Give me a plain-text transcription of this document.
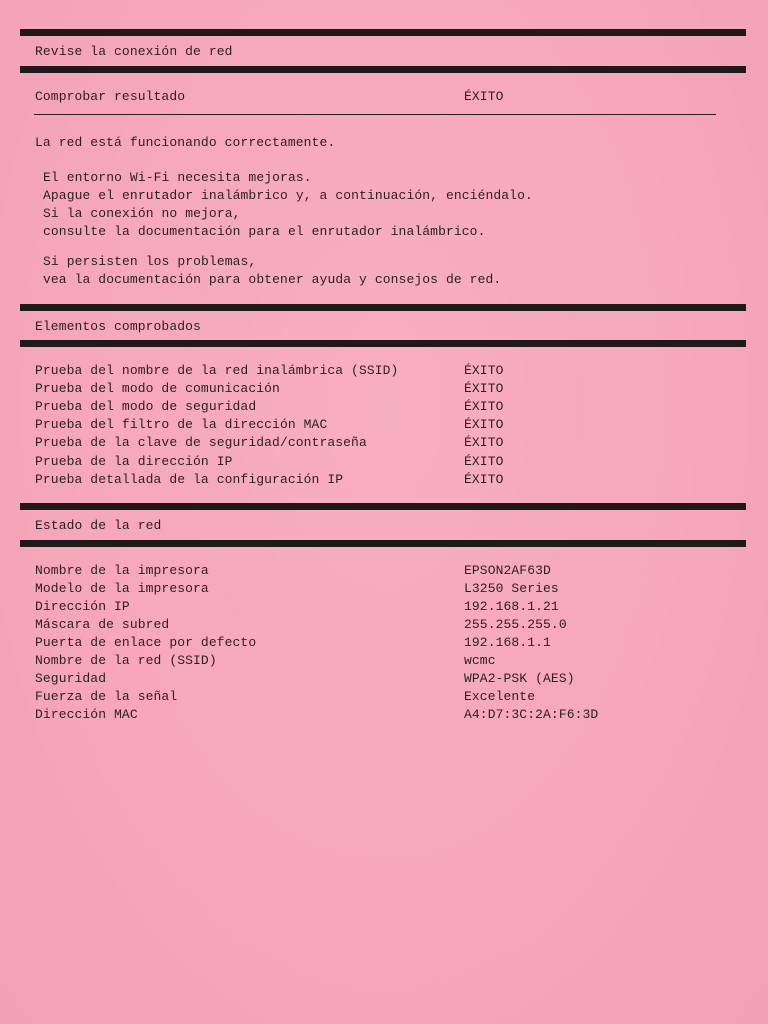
Revise la conexión de red
Comprobar resultado	ÉXITO
La red está funcionando correctamente.
El entorno Wi-Fi necesita mejoras.
Apague el enrutador inalámbrico y, a continuación, enciéndalo.
Si la conexión no mejora,
consulte la documentación para el enrutador inalámbrico.
Si persisten los problemas,
vea la documentación para obtener ayuda y consejos de red.
Elementos comprobados
Prueba del nombre de la red inalámbrica (SSID)	ÉXITO
Prueba del modo de comunicación	ÉXITO
Prueba del modo de seguridad	ÉXITO
Prueba del filtro de la dirección MAC	ÉXITO
Prueba de la clave de seguridad/contraseña	ÉXITO
Prueba de la dirección IP	ÉXITO
Prueba detallada de la configuración IP	ÉXITO
Estado de la red
Nombre de la impresora	EPSON2AF63D
Modelo de la impresora	L3250 Series
Dirección IP	192.168.1.21
Máscara de subred	255.255.255.0
Puerta de enlace por defecto	192.168.1.1
Nombre de la red (SSID)	wcmc
Seguridad	WPA2-PSK (AES)
Fuerza de la señal	Excelente
Dirección MAC	A4:D7:3C:2A:F6:3D
